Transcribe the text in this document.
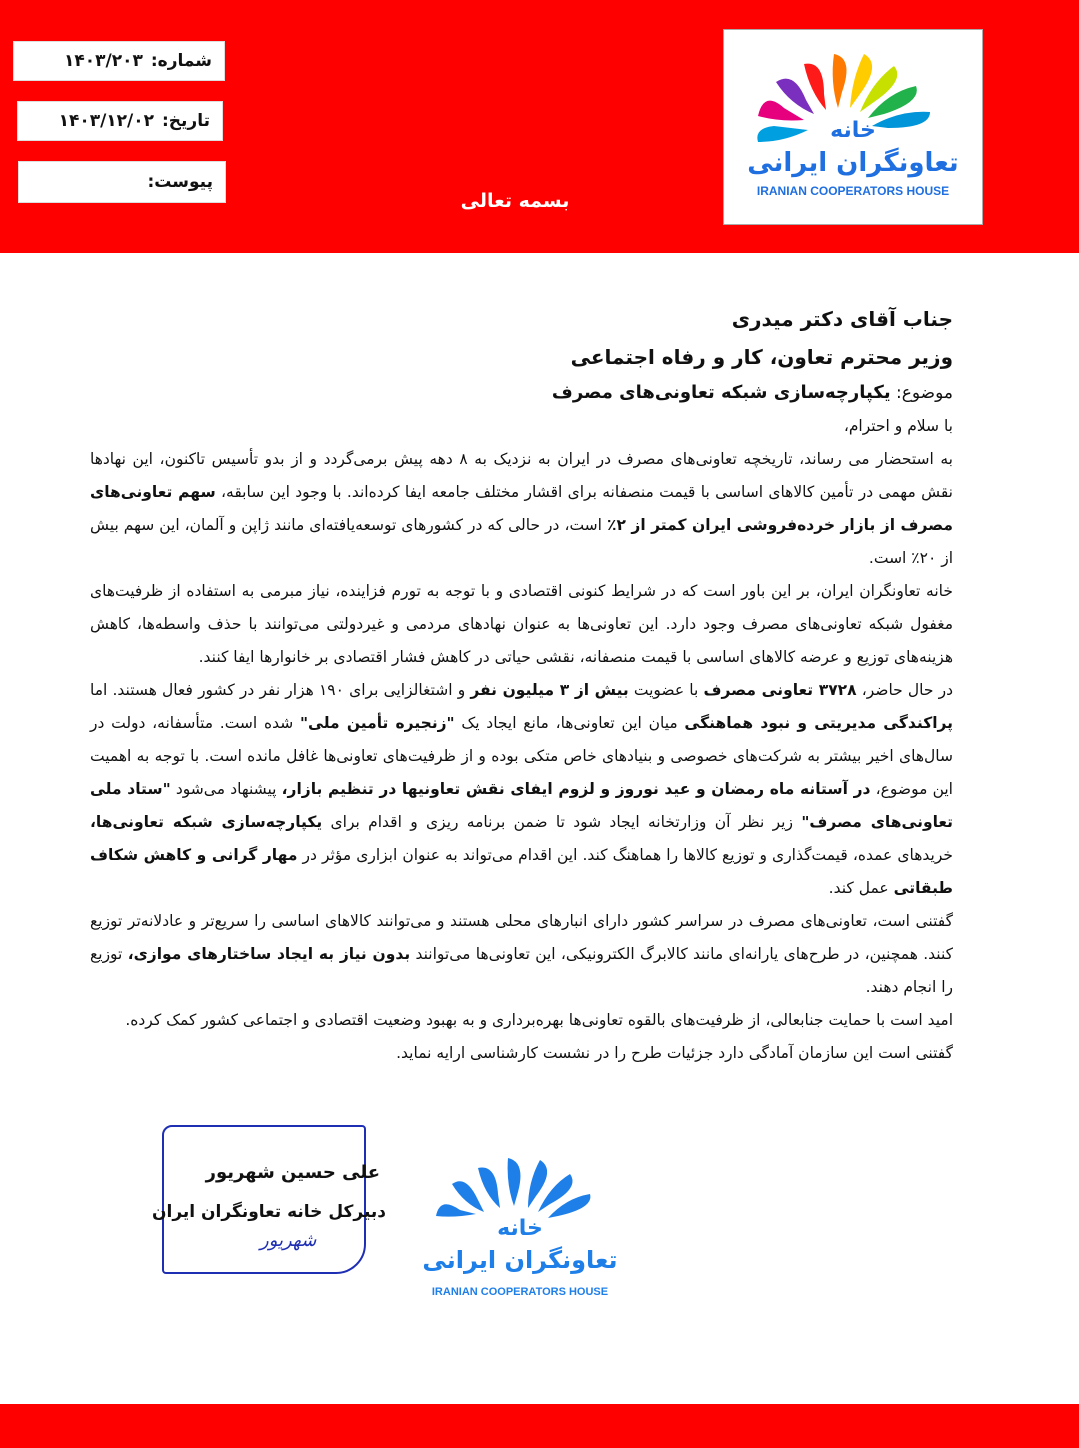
شماره:
۱۴۰۳/۲۰۳
تاریخ:
۱۴۰۳/۱۲/۰۲
پیوست:
بسمه تعالی
خانه
تعاونگران ایرانی
IRANIAN COOPERATORS HOUSE

جناب آقای دکتر میدری

وزیر محترم تعاون، کار و رفاه اجتماعی

موضوع: یکپارچه‌سازی شبکه تعاونی‌های مصرف

با سلام و احترام،

به استحضار می رساند، تاریخچه تعاونی‌های مصرف در ایران به نزدیک به ۸ دهه پیش برمی‌گردد و از بدو تأسیس تاکنون، این نهادها نقش مهمی در تأمین کالاهای اساسی با قیمت منصفانه برای اقشار مختلف جامعه ایفا کرده‌اند. با وجود این سابقه، سهم تعاونی‌های مصرف از بازار خرده‌فروشی ایران کمتر از ۲٪ است، در حالی که در کشورهای توسعه‌یافته‌ای مانند ژاپن و آلمان، این سهم بیش از ۲۰٪ است.

خانه تعاونگران ایران، بر این باور است که در شرایط کنونی اقتصادی و با توجه به تورم فزاینده، نیاز مبرمی به استفاده از ظرفیت‌های مغفول شبکه تعاونی‌های مصرف وجود دارد. این تعاونی‌ها به عنوان نهادهای مردمی و غیردولتی می‌توانند با حذف واسطه‌ها، کاهش هزینه‌های توزیع و عرضه کالاهای اساسی با قیمت منصفانه، نقشی حیاتی در کاهش فشار اقتصادی بر خانوارها ایفا کنند.

در حال حاضر، ۳۷۲۸ تعاونی مصرف با عضویت بیش از ۳ میلیون نفر و اشتغالزایی برای ۱۹۰ هزار نفر در کشور فعال هستند. اما پراکندگی مدیریتی و نبود هماهنگی میان این تعاونی‌ها، مانع ایجاد یک "زنجیره تأمین ملی" شده است. متأسفانه، دولت در سال‌های اخیر بیشتر به شرکت‌های خصوصی و بنیادهای خاص متکی بوده و از ظرفیت‌های تعاونی‌ها غافل مانده است. با توجه به اهمیت این موضوع، در آستانه ماه رمضان و عید نوروز و لزوم ایفای نقش تعاونیها در تنظیم بازار، پیشنهاد می‌شود "ستاد ملی تعاونی‌های مصرف" زیر نظر آن وزارتخانه ایجاد شود تا ضمن برنامه ریزی و اقدام برای یکپارچه‌سازی شبکه تعاونی‌ها، خریدهای عمده، قیمت‌گذاری و توزیع کالاها را هماهنگ کند. این اقدام می‌تواند به عنوان ابزاری مؤثر در مهار گرانی و کاهش شکاف طبقاتی عمل کند.

گفتنی است، تعاونی‌های مصرف در سراسر کشور دارای انبارهای محلی هستند و می‌توانند کالاهای اساسی را سریع‌تر و عادلانه‌تر توزیع کنند. همچنین، در طرح‌های یارانه‌ای مانند کالابرگ الکترونیکی، این تعاونی‌ها می‌توانند بدون نیاز به ایجاد ساختارهای موازی، توزیع را انجام دهند.

امید است با حمایت جنابعالی، از ظرفیت‌های بالقوه تعاونی‌ها بهره‌برداری و به بهبود وضعیت اقتصادی و اجتماعی کشور کمک کرده.

گفتنی است این سازمان آمادگی دارد جزئیات طرح را در نشست کارشناسی ارایه نماید.

علی حسین شهریور
دبیرکل خانه تعاونگران ایران
شهریور	خانه
تعاونگران ایرانی
IRANIAN COOPERATORS HOUSE
